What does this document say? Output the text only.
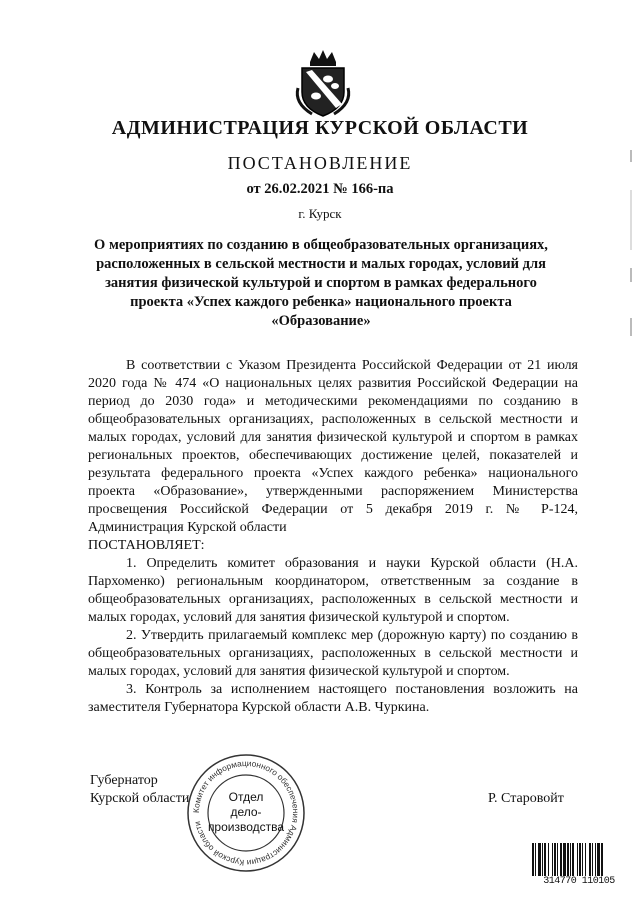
АДМИНИСТРАЦИЯ КУРСКОЙ ОБЛАСТИ
ПОСТАНОВЛЕНИЕ
от 26.02.2021 № 166-па
г. Курск
О мероприятиях по созданию в общеобразовательных организациях, расположенных в сельской местности и малых городах, условий для занятия физической культурой и спортом в рамках федерального проекта «Успех каждого ребенка» национального проекта «Образование»

В соответствии с Указом Президента Российской Федерации от 21 июля 2020 года № 474 «О национальных целях развития Российской Федерации на период до 2030 года» и методическими рекомендациями по созданию в общеобразовательных организациях, расположенных в сельской местности и малых городах, условий для занятия физической культурой и спортом в рамках региональных проектов, обеспечивающих достижение целей, показателей и результата федерального проекта «Успех каждого ребенка» национального проекта «Образование», утвержденными распоряжением Министерства просвещения Российской Федерации от 5 декабря 2019 г. № Р-124, Администрация Курской области

ПОСТАНОВЛЯЕТ:

1. Определить комитет образования и науки Курской области (Н.А. Пархоменко) региональным координатором, ответственным за создание в общеобразовательных организациях, расположенных в сельской местности и малых городах, условий для занятия физической культурой и спортом.

2. Утвердить прилагаемый комплекс мер (дорожную карту) по созданию в общеобразовательных организациях, расположенных в сельской местности и малых городах, условий для занятия физической культурой и спортом.

3. Контроль за исполнением настоящего постановления возложить на заместителя Губернатора Курской области А.В. Чуркина.

Губернатор
Курской области	Р. Старовойт
Комитет информационного обеспечения Администрации Курской области
Отдел
дело-
производства
314770 110105
